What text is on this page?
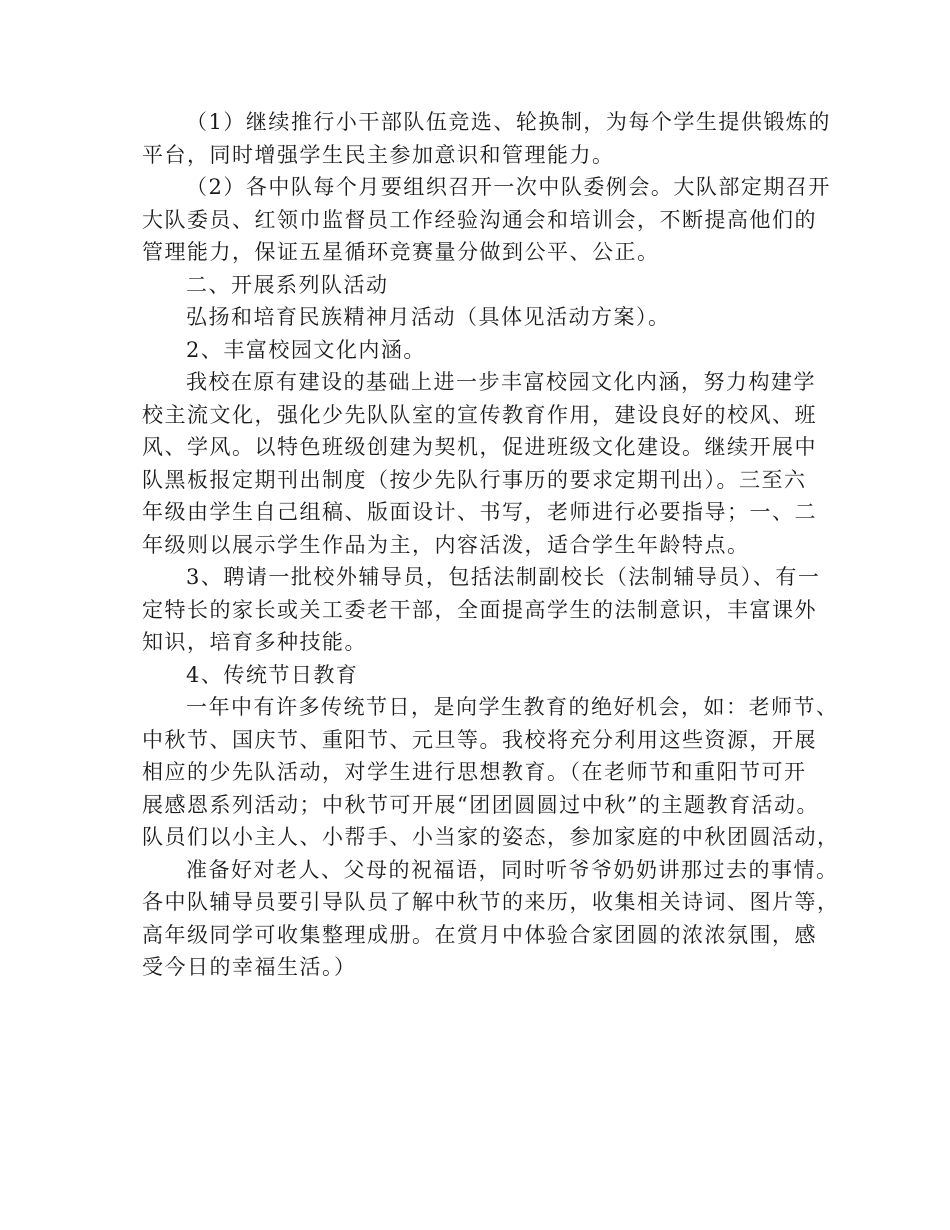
（1）继续推行小干部队伍竞选、轮换制，为每个学生提供锻炼的
平台，同时增强学生民主参加意识和管理能力。
（2）各中队每个月要组织召开一次中队委例会。大队部定期召开
大队委员、红领巾监督员工作经验沟通会和培训会，不断提高他们的
管理能力，保证五星循环竞赛量分做到公平、公正。
二、开展系列队活动
弘扬和培育民族精神月活动（具体见活动方案）。
2、丰富校园文化内涵。
我校在原有建设的基础上进一步丰富校园文化内涵，努力构建学
校主流文化，强化少先队队室的宣传教育作用，建设良好的校风、班
风、学风。以特色班级创建为契机，促进班级文化建设。继续开展中
队黑板报定期刊出制度（按少先队行事历的要求定期刊出）。三至六
年级由学生自己组稿、版面设计、书写，老师进行必要指导；一、二
年级则以展示学生作品为主，内容活泼，适合学生年龄特点。
3、聘请一批校外辅导员，包括法制副校长（法制辅导员）、有一
定特长的家长或关工委老干部，全面提高学生的法制意识，丰富课外
知识，培育多种技能。
4、传统节日教育
一年中有许多传统节日，是向学生教育的绝好机会，如：老师节、
中秋节、国庆节、重阳节、元旦等。我校将充分利用这些资源，开展
相应的少先队活动，对学生进行思想教育。（在老师节和重阳节可开
展感恩系列活动；中秋节可开展“团团圆圆过中秋”的主题教育活动。
队员们以小主人、小帮手、小当家的姿态，参加家庭的中秋团圆活动，
准备好对老人、父母的祝福语，同时听爷爷奶奶讲那过去的事情。
各中队辅导员要引导队员了解中秋节的来历，收集相关诗词、图片等，
高年级同学可收集整理成册。在赏月中体验合家团圆的浓浓氛围，感
受今日的幸福生活。）
